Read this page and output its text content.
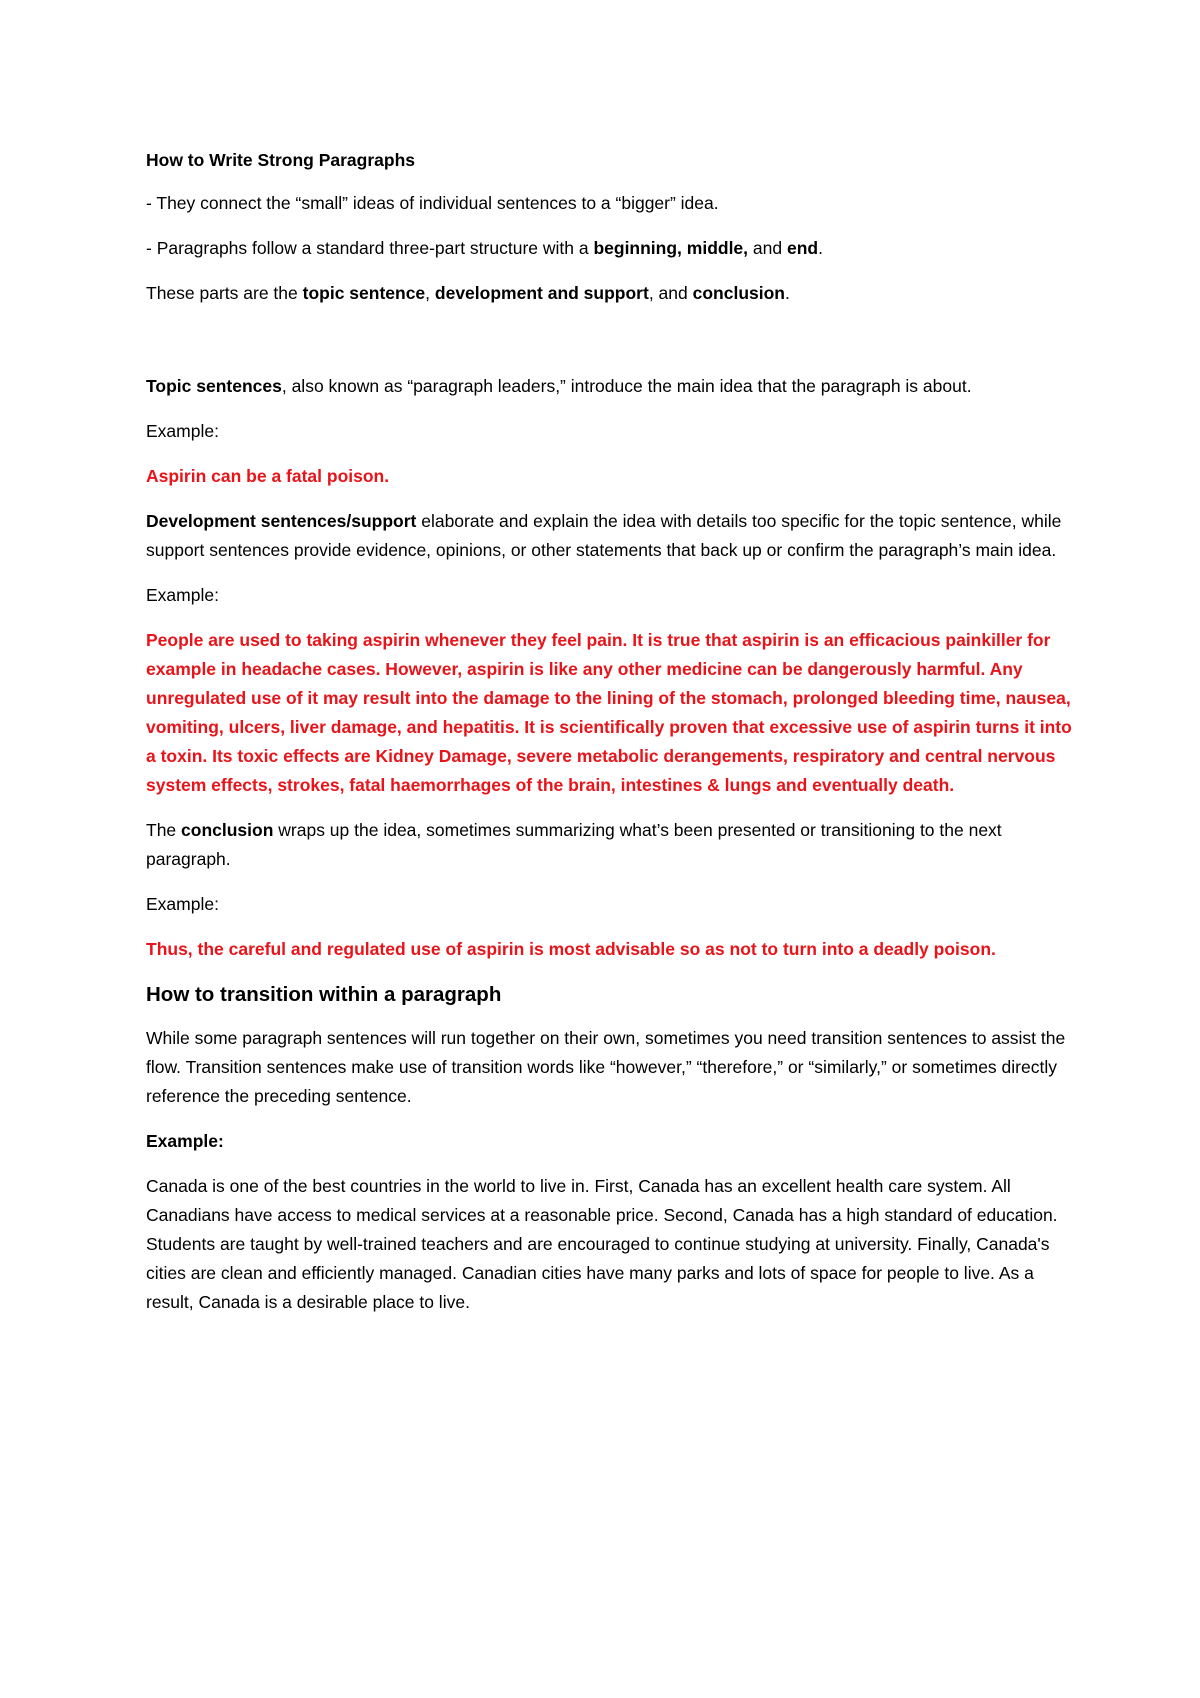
How to Write Strong Paragraphs

- They connect the “small” ideas of individual sentences to a “bigger” idea.

- Paragraphs follow a standard three-part structure with a beginning, middle, and end.

These parts are the topic sentence, development and support, and conclusion.

Topic sentences, also known as “paragraph leaders,” introduce the main idea that the paragraph is about.

Example:

Aspirin can be a fatal poison.

Development sentences/support elaborate and explain the idea with details too specific for the topic sentence, while support sentences provide evidence, opinions, or other statements that back up or confirm the paragraph’s main idea.

Example:

People are used to taking aspirin whenever they feel pain. It is true that aspirin is an efficacious painkiller for example in headache cases. However, aspirin is like any other medicine can be dangerously harmful. Any unregulated use of it may result into the damage to the lining of the stomach, prolonged bleeding time, nausea, vomiting, ulcers, liver damage, and hepatitis. It is scientifically proven that excessive use of aspirin turns it into a toxin. Its toxic effects are Kidney Damage, severe metabolic derangements, respiratory and central nervous system effects, strokes, fatal haemorrhages of the brain, intestines & lungs and eventually death.

The conclusion wraps up the idea, sometimes summarizing what’s been presented or transitioning to the next paragraph.

Example:

Thus, the careful and regulated use of aspirin is most advisable so as not to turn into a deadly poison.

How to transition within a paragraph

While some paragraph sentences will run together on their own, sometimes you need transition sentences to assist the flow. Transition sentences make use of transition words like “however,” “therefore,” or “similarly,” or sometimes directly reference the preceding sentence.

Example:

Canada is one of the best countries in the world to live in. First, Canada has an excellent health care system. All Canadians have access to medical services at a reasonable price. Second, Canada has a high standard of education. Students are taught by well-trained teachers and are encouraged to continue studying at university. Finally, Canada's cities are clean and efficiently managed. Canadian cities have many parks and lots of space for people to live. As a result, Canada is a desirable place to live.
